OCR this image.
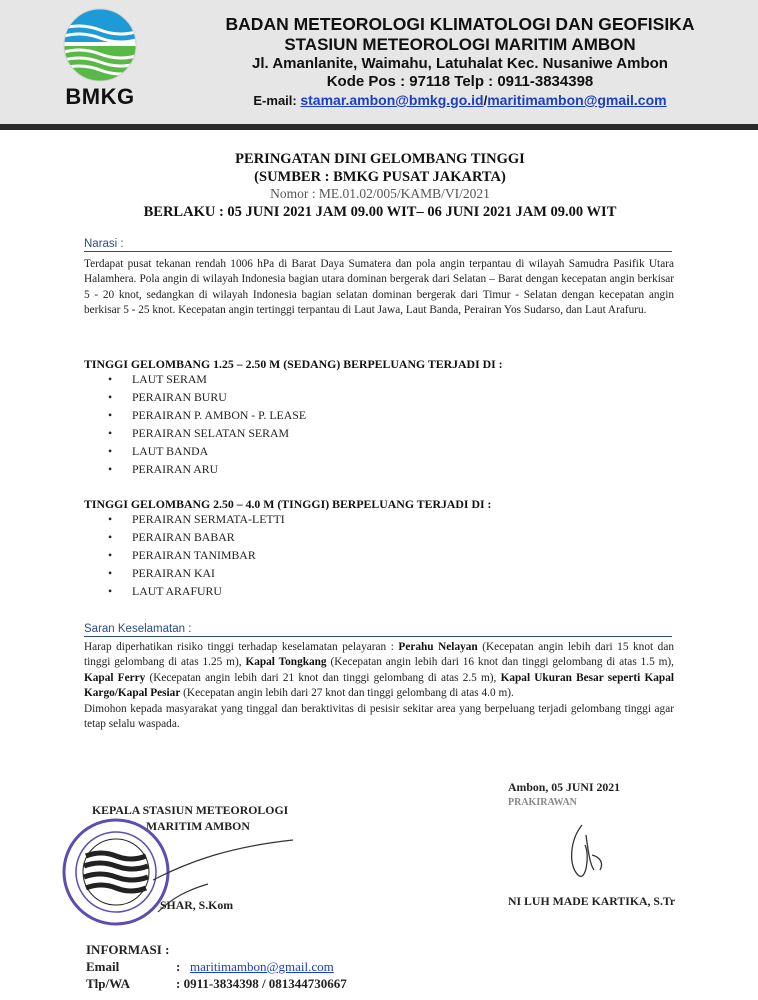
BMKG
BADAN METEOROLOGI KLIMATOLOGI DAN GEOFISIKA
STASIUN METEOROLOGI MARITIM AMBON
Jl. Amanlanite, Waimahu, Latuhalat Kec. Nusaniwe Ambon
Kode Pos : 97118 Telp : 0911-3834398
E-mail: stamar.ambon@bmkg.go.id/maritimambon@gmail.com
PERINGATAN DINI GELOMBANG TINGGI
(SUMBER : BMKG PUSAT JAKARTA)
Nomor : ME.01.02/005/KAMB/VI/2021
BERLAKU : 05 JUNI 2021 JAM 09.00 WIT– 06 JUNI 2021 JAM 09.00 WIT
Narasi :
Terdapat pusat tekanan rendah 1006 hPa di Barat Daya Sumatera dan pola angin terpantau di wilayah Samudra Pasifik Utara Halamhera. Pola angin di wilayah Indonesia bagian utara dominan bergerak dari Selatan – Barat dengan kecepatan angin berkisar 5 - 20 knot, sedangkan di wilayah Indonesia bagian selatan dominan bergerak dari Timur - Selatan dengan kecepatan angin berkisar 5 - 25 knot. Kecepatan angin tertinggi terpantau di Laut Jawa, Laut Banda, Perairan Yos Sudarso, dan Laut Arafuru.
TINGGI GELOMBANG 1.25 – 2.50 M (SEDANG) BERPELUANG TERJADI DI :
• LAUT SERAM
• PERAIRAN BURU
• PERAIRAN P. AMBON - P. LEASE
• PERAIRAN SELATAN SERAM
• LAUT BANDA
• PERAIRAN ARU
TINGGI GELOMBANG 2.50 – 4.0 M (TINGGI) BERPELUANG TERJADI DI :
• PERAIRAN SERMATA-LETTI
• PERAIRAN BABAR
• PERAIRAN TANIMBAR
• PERAIRAN KAI
• LAUT ARAFURU
Saran Keselamatan :
Harap diperhatikan risiko tinggi terhadap keselamatan pelayaran : Perahu Nelayan (Kecepatan angin lebih dari 15 knot dan tinggi gelombang di atas 1.25 m), Kapal Tongkang (Kecepatan angin lebih dari 16 knot dan tinggi gelombang di atas 1.5 m), Kapal Ferry (Kecepatan angin lebih dari 21 knot dan tinggi gelombang di atas 2.5 m), Kapal Ukuran Besar seperti Kapal Kargo/Kapal Pesiar (Kecepatan angin lebih dari 27 knot dan tinggi gelombang di atas 4.0 m).
Dimohon kepada masyarakat yang tinggal dan beraktivitas di pesisir sekitar area yang berpeluang terjadi gelombang tinggi agar tetap selalu waspada.
Ambon, 05 JUNI 2021
PRAKIRAWAN
KEPALA STASIUN METEOROLOGI
MARITIM AMBON
SHAR, S.Kom	NI LUH MADE KARTIKA, S.Tr
INFORMASI :
Email	: maritimambon@gmail.com
Tlp/WA	: 0911-3834398 / 081344730667
